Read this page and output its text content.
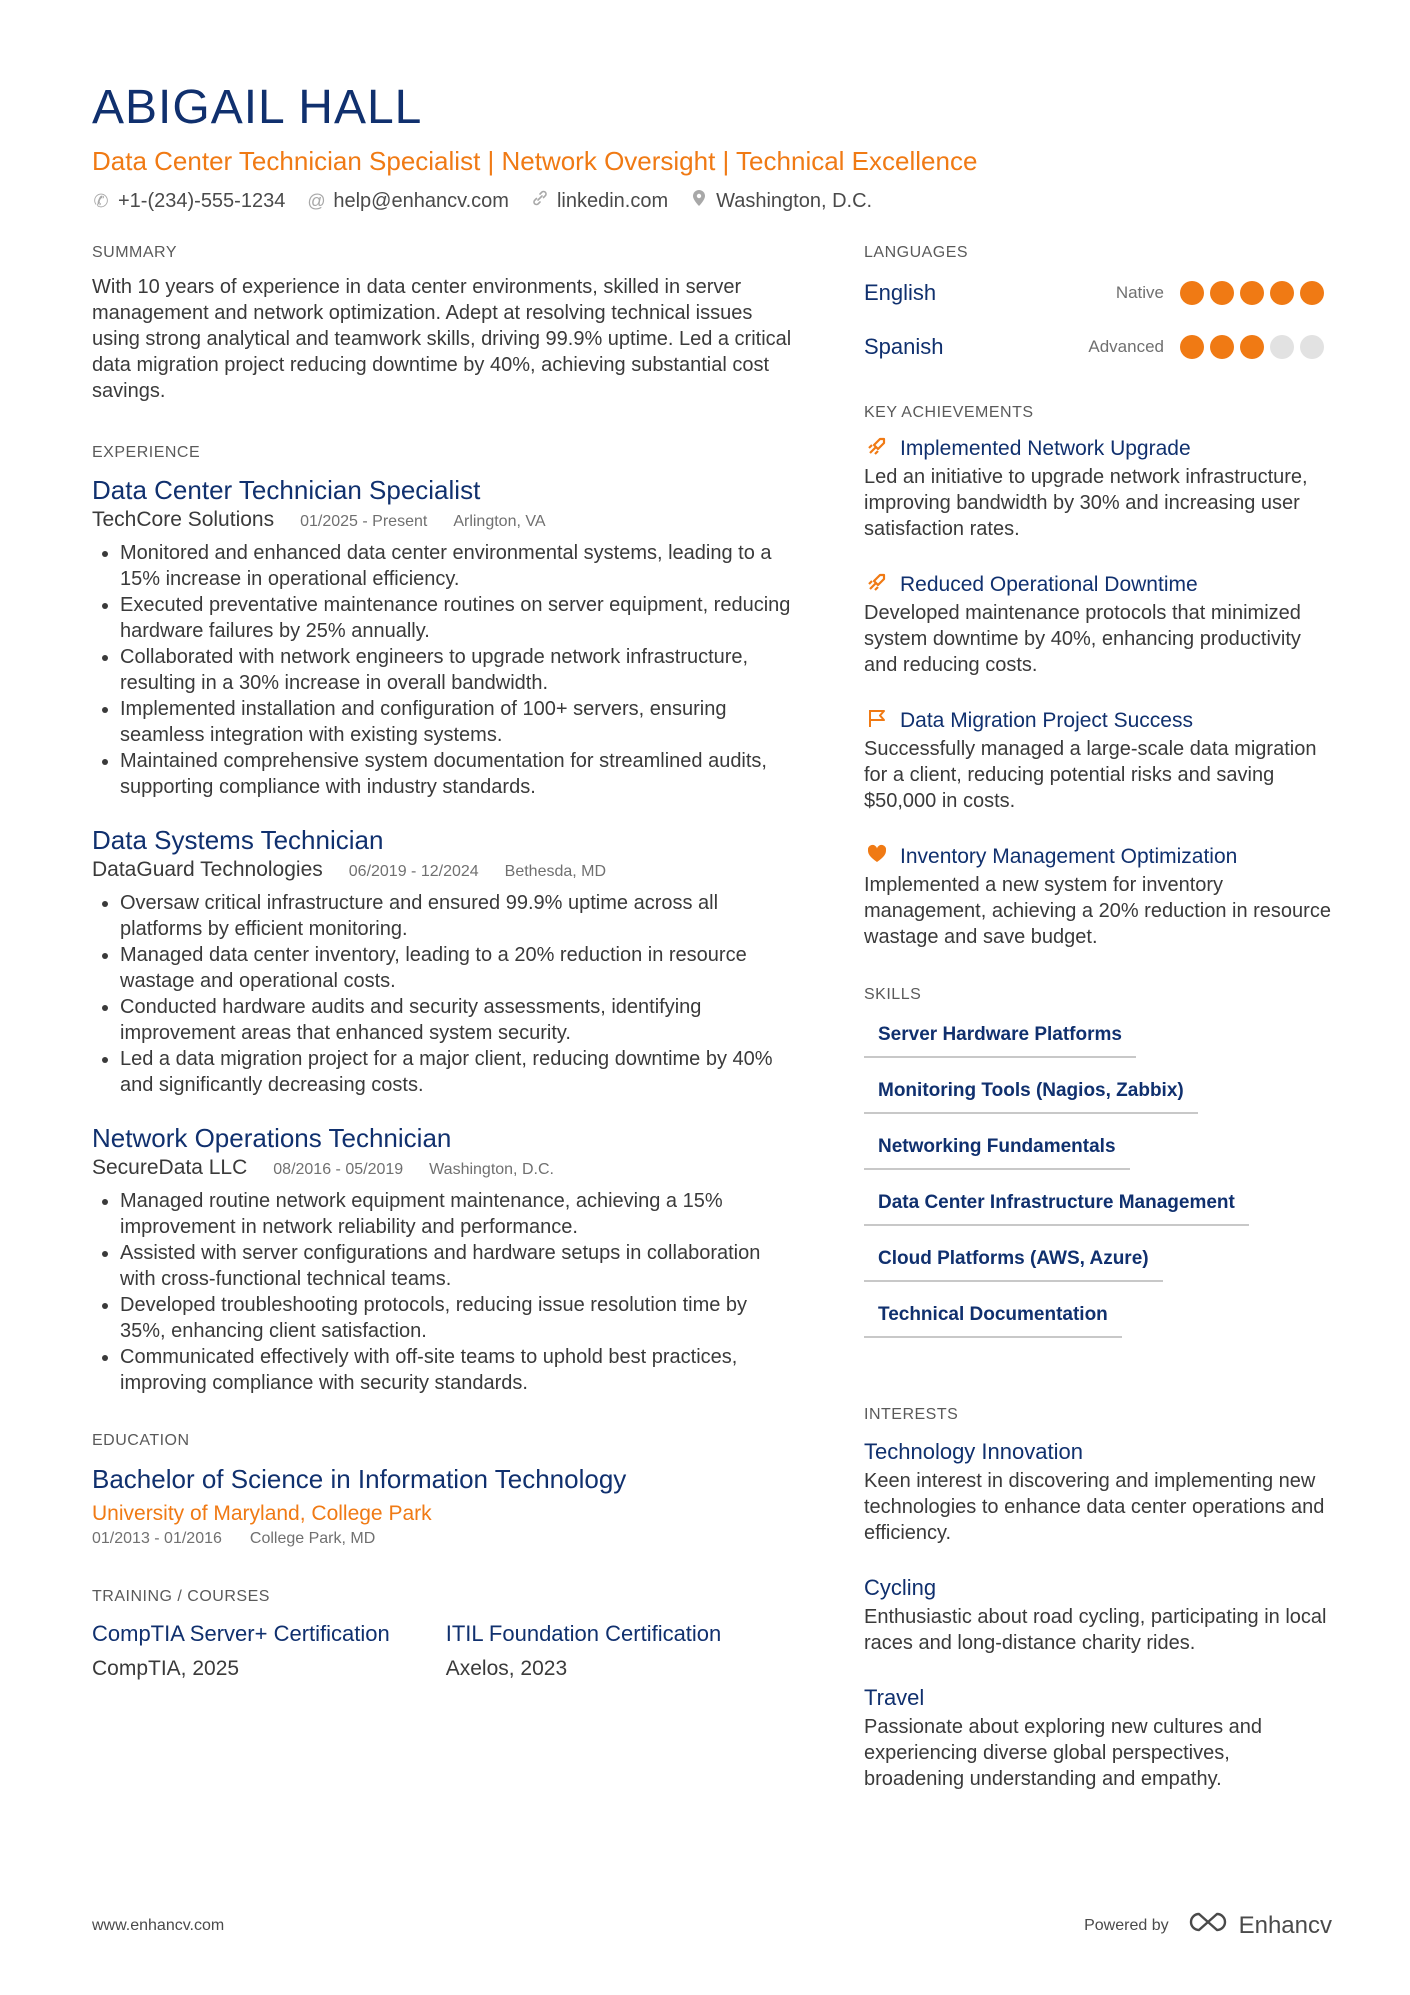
ABIGAIL HALL
Data Center Technician Specialist | Network Oversight | Technical Excellence
✆ +1-(234)-555-1234 @ help@enhancv.com linkedin.com Washington, D.C.
SUMMARY
With 10 years of experience in data center environments, skilled in server management and network optimization. Adept at resolving technical issues using strong analytical and teamwork skills, driving 99.9% uptime. Led a critical data migration project reducing downtime by 40%, achieving substantial cost savings.
EXPERIENCE
Data Center Technician Specialist
TechCore Solutions 01/2025 - Present Arlington, VA
• Monitored and enhanced data center environmental systems, leading to a 15% increase in operational efficiency.
• Executed preventative maintenance routines on server equipment, reducing hardware failures by 25% annually.
• Collaborated with network engineers to upgrade network infrastructure, resulting in a 30% increase in overall bandwidth.
• Implemented installation and configuration of 100+ servers, ensuring seamless integration with existing systems.
• Maintained comprehensive system documentation for streamlined audits, supporting compliance with industry standards.
Data Systems Technician
DataGuard Technologies 06/2019 - 12/2024 Bethesda, MD
• Oversaw critical infrastructure and ensured 99.9% uptime across all platforms by efficient monitoring.
• Managed data center inventory, leading to a 20% reduction in resource wastage and operational costs.
• Conducted hardware audits and security assessments, identifying improvement areas that enhanced system security.
• Led a data migration project for a major client, reducing downtime by 40% and significantly decreasing costs.
Network Operations Technician
SecureData LLC 08/2016 - 05/2019 Washington, D.C.
• Managed routine network equipment maintenance, achieving a 15% improvement in network reliability and performance.
• Assisted with server configurations and hardware setups in collaboration with cross-functional technical teams.
• Developed troubleshooting protocols, reducing issue resolution time by 35%, enhancing client satisfaction.
• Communicated effectively with off-site teams to uphold best practices, improving compliance with security standards.
EDUCATION
Bachelor of Science in Information Technology
University of Maryland, College Park
01/2013 - 01/2016 College Park, MD
TRAINING / COURSES
CompTIA Server+ Certification
CompTIA, 2025
ITIL Foundation Certification
Axelos, 2023
LANGUAGES
English	Native
Spanish	Advanced
KEY ACHIEVEMENTS
Implemented Network Upgrade
Led an initiative to upgrade network infrastructure, improving bandwidth by 30% and increasing user satisfaction rates.
Reduced Operational Downtime
Developed maintenance protocols that minimized system downtime by 40%, enhancing productivity and reducing costs.
Data Migration Project Success
Successfully managed a large-scale data migration for a client, reducing potential risks and saving $50,000 in costs.
Inventory Management Optimization
Implemented a new system for inventory management, achieving a 20% reduction in resource wastage and save budget.
SKILLS
Server Hardware Platforms
Monitoring Tools (Nagios, Zabbix)
Networking Fundamentals
Data Center Infrastructure Management
Cloud Platforms (AWS, Azure)
Technical Documentation
INTERESTS
Technology Innovation
Keen interest in discovering and implementing new technologies to enhance data center operations and efficiency.
Cycling
Enthusiastic about road cycling, participating in local races and long-distance charity rides.
Travel
Passionate about exploring new cultures and experiencing diverse global perspectives, broadening understanding and empathy.
www.enhancv.com	Powered by	Enhancv
